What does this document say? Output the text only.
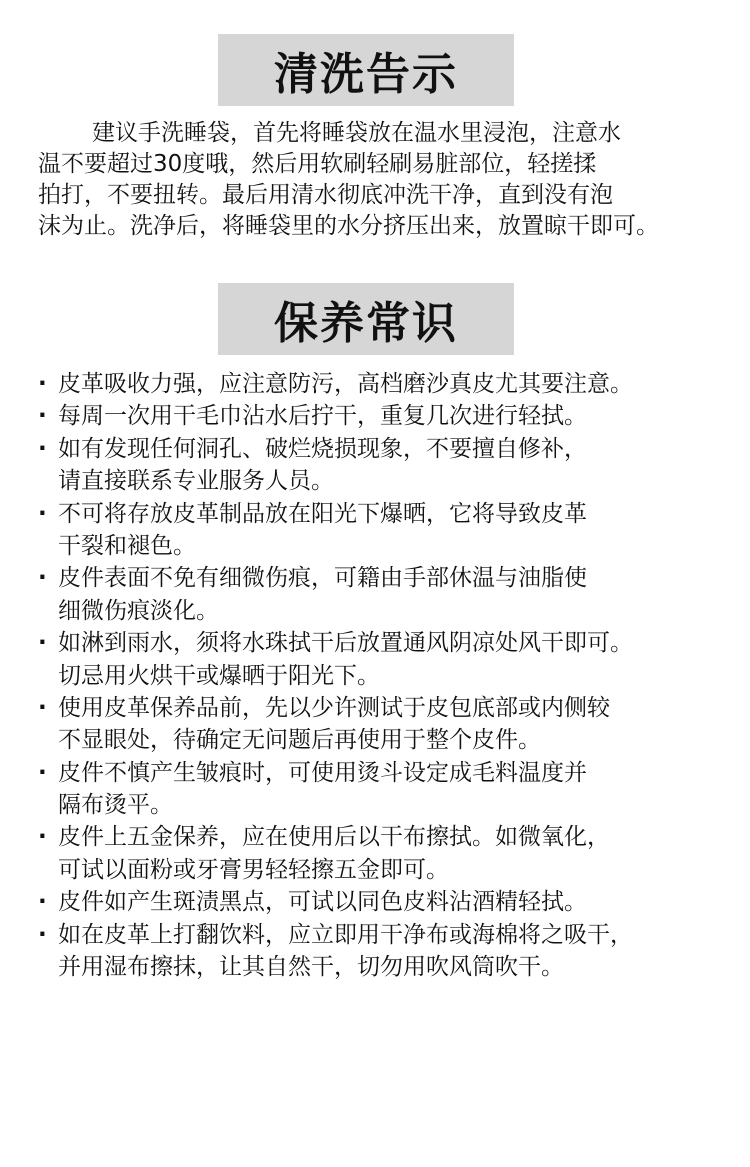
清洗告示
建议手洗睡袋，首先将睡袋放在温水里浸泡，注意水
温不要超过30度哦，然后用软刷轻刷易脏部位，轻搓揉
拍打，不要扭转。最后用清水彻底冲洗干净，直到没有泡
沫为止。洗净后，将睡袋里的水分挤压出来，放置晾干即可。
保养常识
· 皮革吸收力强，应注意防污，高档磨沙真皮尤其要注意。
· 每周一次用干毛巾沾水后拧干，重复几次进行轻拭。
· 如有发现任何洞孔、破烂烧损现象，不要擅自修补，
请直接联系专业服务人员。
· 不可将存放皮革制品放在阳光下爆晒，它将导致皮革
干裂和褪色。
· 皮件表面不免有细微伤痕，可籍由手部休温与油脂使
细微伤痕淡化。
· 如淋到雨水，须将水珠拭干后放置通风阴凉处风干即可。
切忌用火烘干或爆晒于阳光下。
· 使用皮革保养品前，先以少许测试于皮包底部或内侧较
不显眼处，待确定无问题后再使用于整个皮件。
· 皮件不慎产生皱痕时，可使用烫斗设定成毛料温度并
隔布烫平。
· 皮件上五金保养，应在使用后以干布擦拭。如微氧化，
可试以面粉或牙膏男轻轻擦五金即可。
· 皮件如产生斑渍黑点，可试以同色皮料沾酒精轻拭。
· 如在皮革上打翻饮料，应立即用干净布或海棉将之吸干，
并用湿布擦抹，让其自然干，切勿用吹风筒吹干。
